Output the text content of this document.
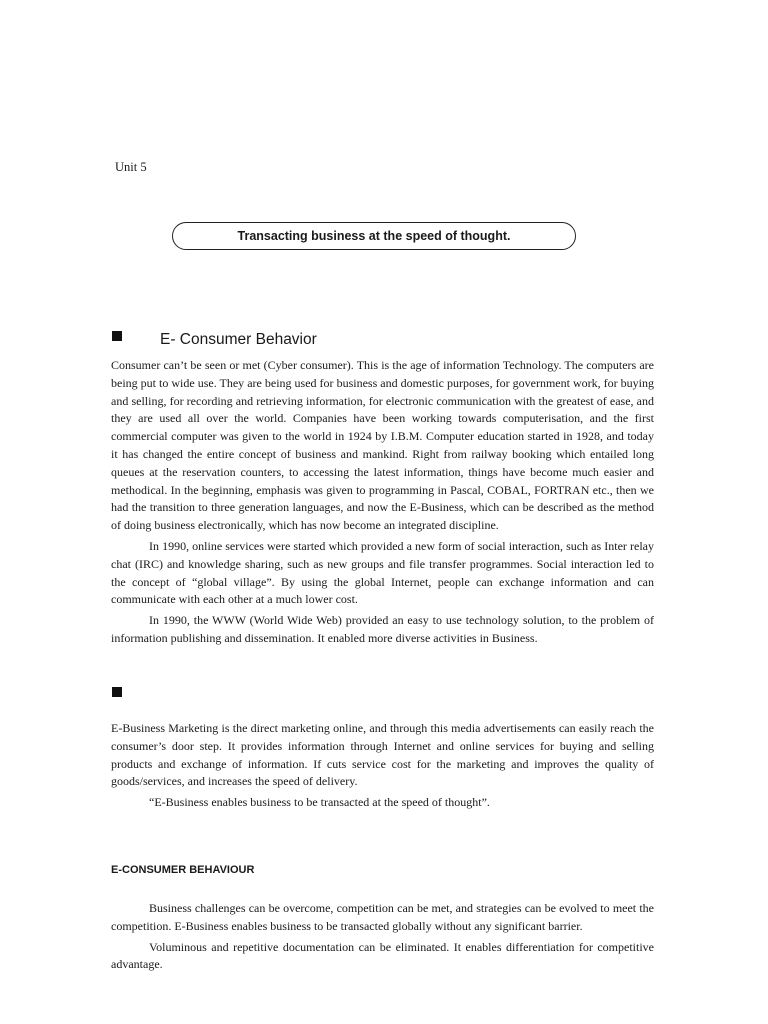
Unit 5
Transacting business at the speed of thought.
E- Consumer Behavior

Consumer can’t be seen or met (Cyber consumer). This is the age of information Technology. The computers are being put to wide use. They are being used for business and domestic purposes, for government work, for buying and selling, for recording and retrieving information, for electronic communication with the greatest of ease, and they are used all over the world. Companies have been working towards computerisation, and the first commercial computer was given to the world in 1924 by I.B.M. Computer education started in 1928, and today it has changed the entire concept of business and mankind. Right from railway booking which entailed long queues at the reservation counters, to accessing the latest information, things have become much easier and methodical. In the beginning, emphasis was given to programming in Pascal, COBAL, FORTRAN etc., then we had the transition to three generation languages, and now the E-Business, which can be described as the method of doing business electronically, which has now become an integrated discipline.

In 1990, online services were started which provided a new form of social interaction, such as Inter relay chat (IRC) and knowledge sharing, such as new groups and file transfer programmes. Social interaction led to the concept of “global village”. By using the global Internet, people can exchange information and can communicate with each other at a much lower cost.

In 1990, the WWW (World Wide Web) provided an easy to use technology solution, to the problem of information publishing and dissemination. It enabled more diverse activities in Business.

E-Business Marketing is the direct marketing online, and through this media advertisements can easily reach the consumer’s door step. It provides information through Internet and online services for buying and selling products and exchange of information. If cuts service cost for the marketing and improves the quality of goods/services, and increases the speed of delivery.

“E-Business enables business to be transacted at the speed of thought”.

E-CONSUMER BEHAVIOUR

Business challenges can be overcome, competition can be met, and strategies can be evolved to meet the competition. E-Business enables business to be transacted globally without any significant barrier.

Voluminous and repetitive documentation can be eliminated. It enables differentiation for competitive advantage.
